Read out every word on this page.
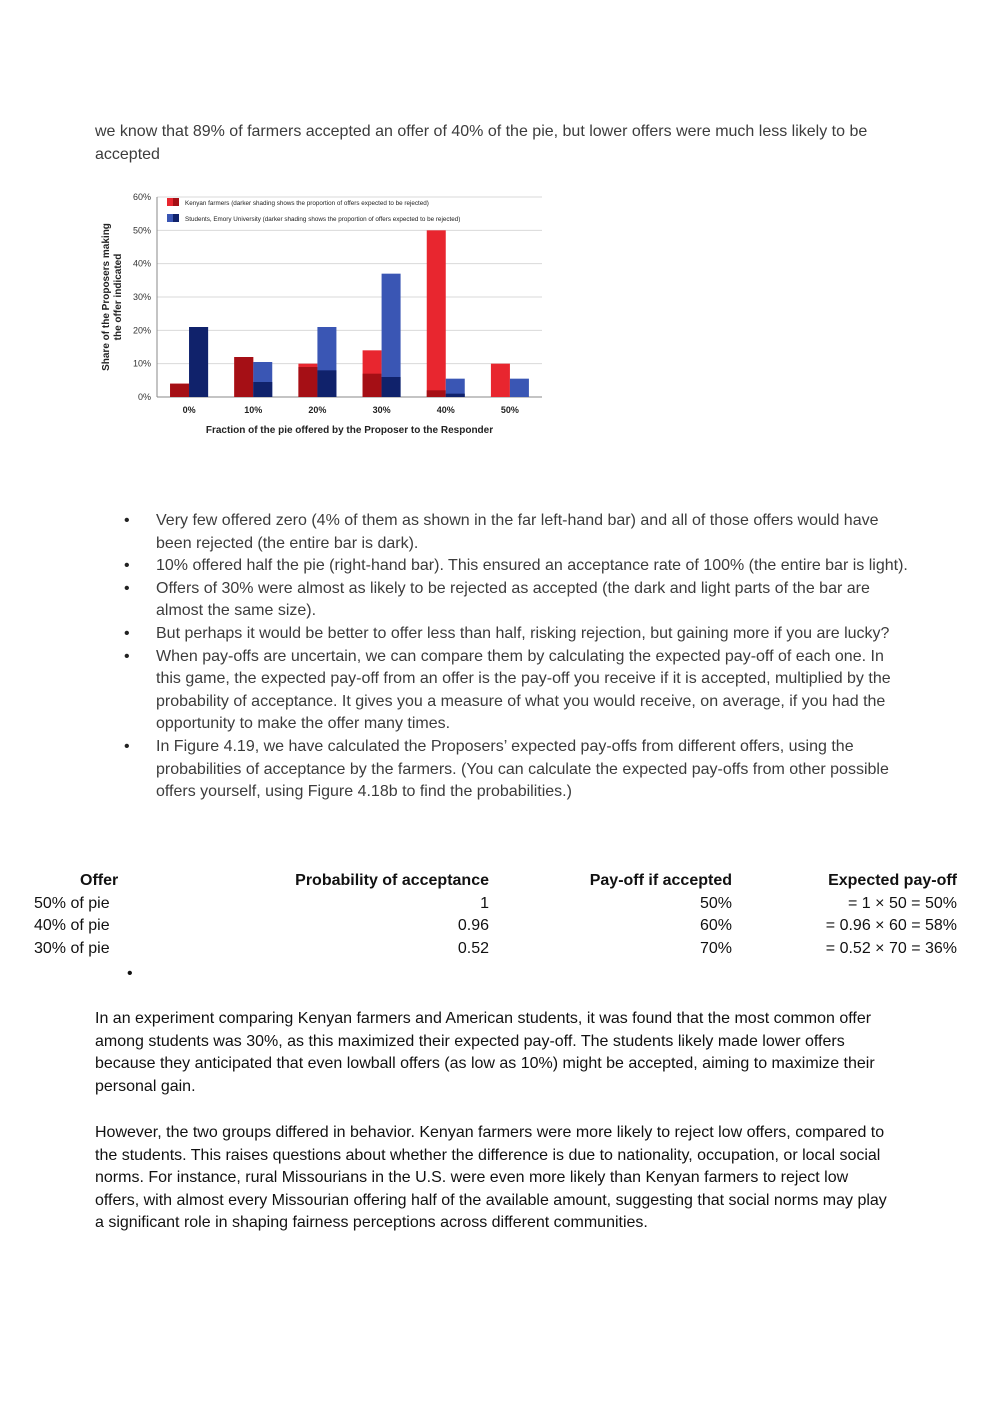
we know that 89% of farmers accepted an offer of 40% of the pie, but lower offers were much less likely to be accepted
0%
10%
20%
30%
40%
50%
60%
0%	10%	20%	30%	40%	50%
Fraction of the pie offered by the Proposer to the Responder
Share of the Proposers makingthe offer indicated
Kenyan farmers (darker shading shows the proportion of offers expected to be rejected)
Students, Emory University (darker shading shows the proportion of offers expected to be rejected)
• Very few offered zero (4% of them as shown in the far left-hand bar) and all of those offers would have been rejected (the entire bar is dark).
• 10% offered half the pie (right-hand bar). This ensured an acceptance rate of 100% (the entire bar is light).
• Offers of 30% were almost as likely to be rejected as accepted (the dark and light parts of the bar are almost the same size).
• But perhaps it would be better to offer less than half, risking rejection, but gaining more if you are lucky?
• When pay-offs are uncertain, we can compare them by calculating the expected pay-off of each one. In this game, the expected pay-off from an offer is the pay-off you receive if it is accepted, multiplied by the probability of acceptance. It gives you a measure of what you would receive, on average, if you had the opportunity to make the offer many times.
• In Figure 4.19, we have calculated the Proposers’ expected pay-offs from different offers, using the probabilities of acceptance by the farmers. (You can calculate the expected pay-offs from other possible offers yourself, using Figure 4.18b to find the probabilities.)
Offer	Probability of acceptance	Pay-off if accepted	Expected pay-off
50% of pie	1	50%	= 1 × 50 = 50%
40% of pie	0.96	60%	= 0.96 × 60 = 58%
30% of pie	0.52	70%	= 0.52 × 70 = 36%
•
In an experiment comparing Kenyan farmers and American students, it was found that the most common offer among students was 30%, as this maximized their expected pay-off. The students likely made lower offers because they anticipated that even lowball offers (as low as 10%) might be accepted, aiming to maximize their personal gain.
However, the two groups differed in behavior. Kenyan farmers were more likely to reject low offers, compared to the students. This raises questions about whether the difference is due to nationality, occupation, or local social norms. For instance, rural Missourians in the U.S. were even more likely than Kenyan farmers to reject low offers, with almost every Missourian offering half of the available amount, suggesting that social norms may play a significant role in shaping fairness perceptions across different communities.
